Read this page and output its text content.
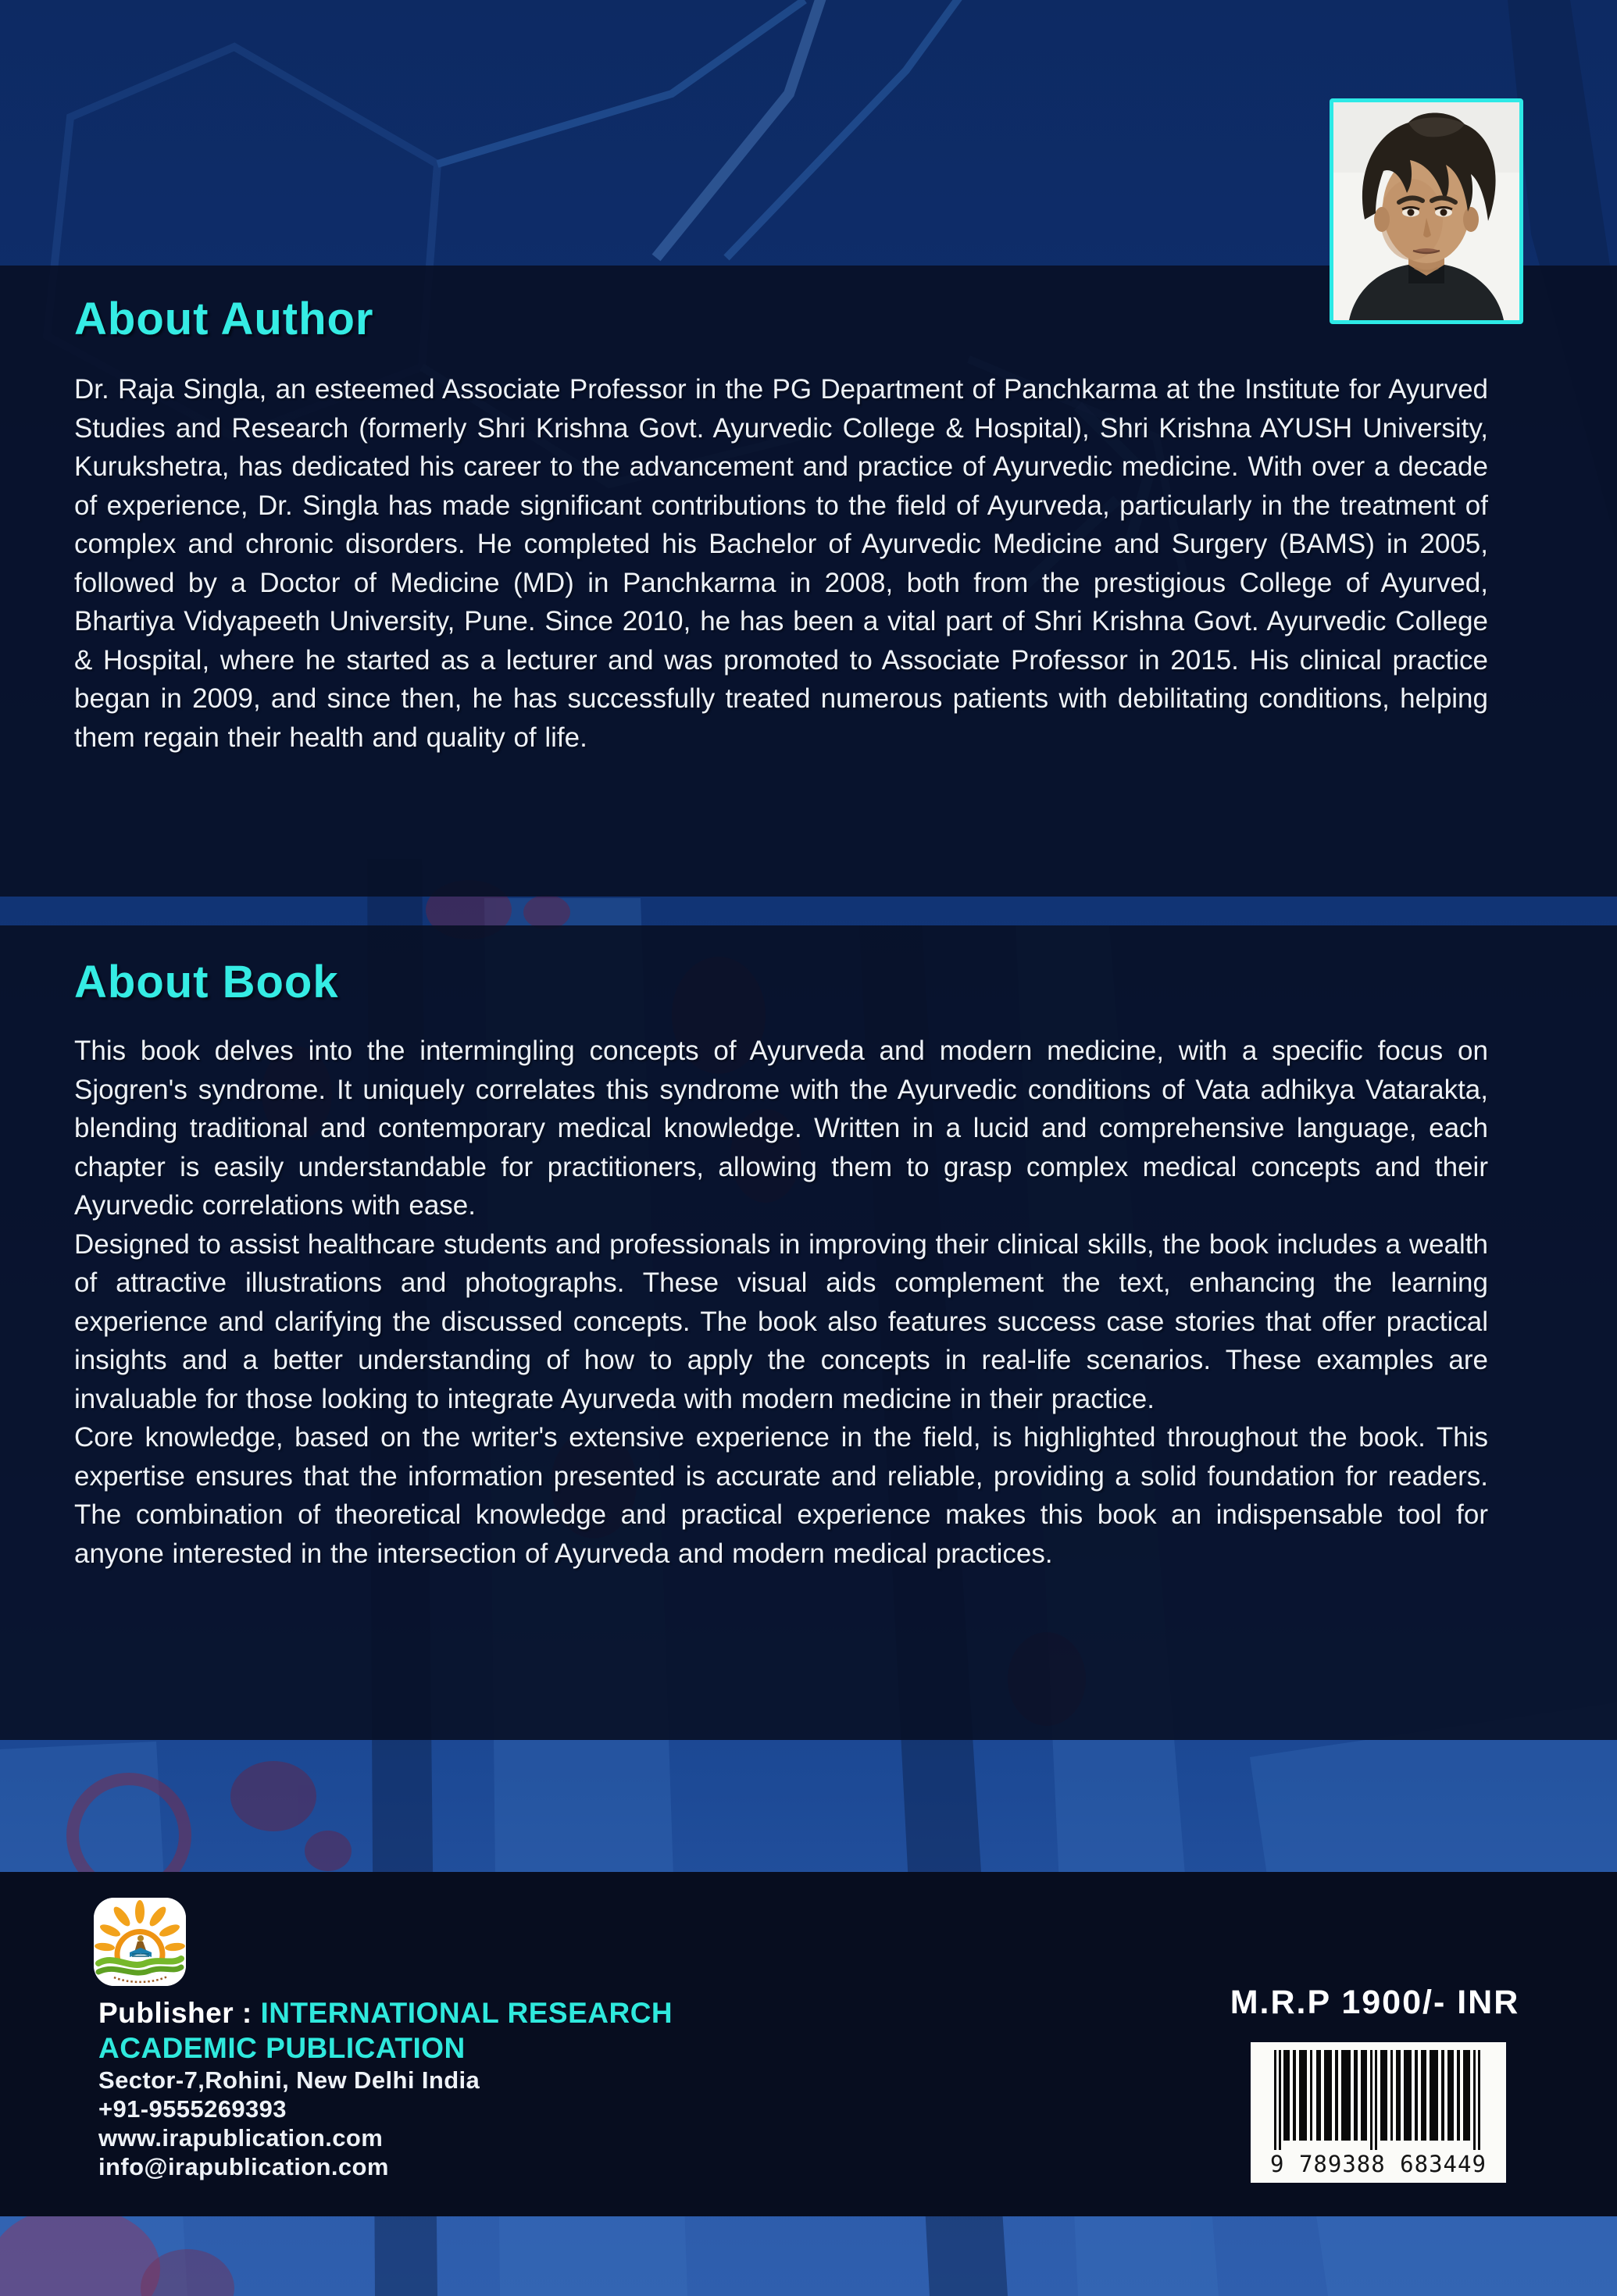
About Author

Dr. Raja Singla, an esteemed Associate Professor in the PG Department of Panchkarma at the Institute for Ayurved Studies and Research (formerly Shri Krishna Govt. Ayurvedic College & Hospital), Shri Krishna AYUSH University, Kurukshetra, has dedicated his career to the advancement and practice of Ayurvedic medicine. With over a decade of experience, Dr. Singla has made significant contributions to the field of Ayurveda, particularly in the treatment of complex and chronic disorders. He completed his Bachelor of Ayurvedic Medicine and Surgery (BAMS) in 2005, followed by a Doctor of Medicine (MD) in Panchkarma in 2008, both from the prestigious College of Ayurved, Bhartiya Vidyapeeth University, Pune. Since 2010, he has been a vital part of Shri Krishna Govt. Ayurvedic College & Hospital, where he started as a lecturer and was promoted to Associate Professor in 2015. His clinical practice began in 2009, and since then, he has successfully treated numerous patients with debilitating conditions, helping them regain their health and quality of life.

About Book

This book delves into the intermingling concepts of Ayurveda and modern medicine, with a specific focus on Sjogren's syndrome. It uniquely correlates this syndrome with the Ayurvedic conditions of Vata adhikya Vatarakta, blending traditional and contemporary medical knowledge. Written in a lucid and comprehensive language, each chapter is easily understandable for practitioners, allowing them to grasp complex medical concepts and their Ayurvedic correlations with ease.

Designed to assist healthcare students and professionals in improving their clinical skills, the book includes a wealth of attractive illustrations and photographs. These visual aids complement the text, enhancing the learning experience and clarifying the discussed concepts. The book also features success case stories that offer practical insights and a better understanding of how to apply the concepts in real-life scenarios. These examples are invaluable for those looking to integrate Ayurveda with modern medicine in their practice.

Core knowledge, based on the writer's extensive experience in the field, is highlighted throughout the book. This expertise ensures that the information presented is accurate and reliable, providing a solid foundation for readers. The combination of theoretical knowledge and practical experience makes this book an indispensable tool for anyone interested in the intersection of Ayurveda and modern medical practices.

Publisher : INTERNATIONAL RESEARCH
ACADEMIC PUBLICATION
Sector-7,Rohini, New Delhi India
+91-9555269393
www.irapublication.com
info@irapublication.com
M.R.P 1900/- INR
9 789388 683449
